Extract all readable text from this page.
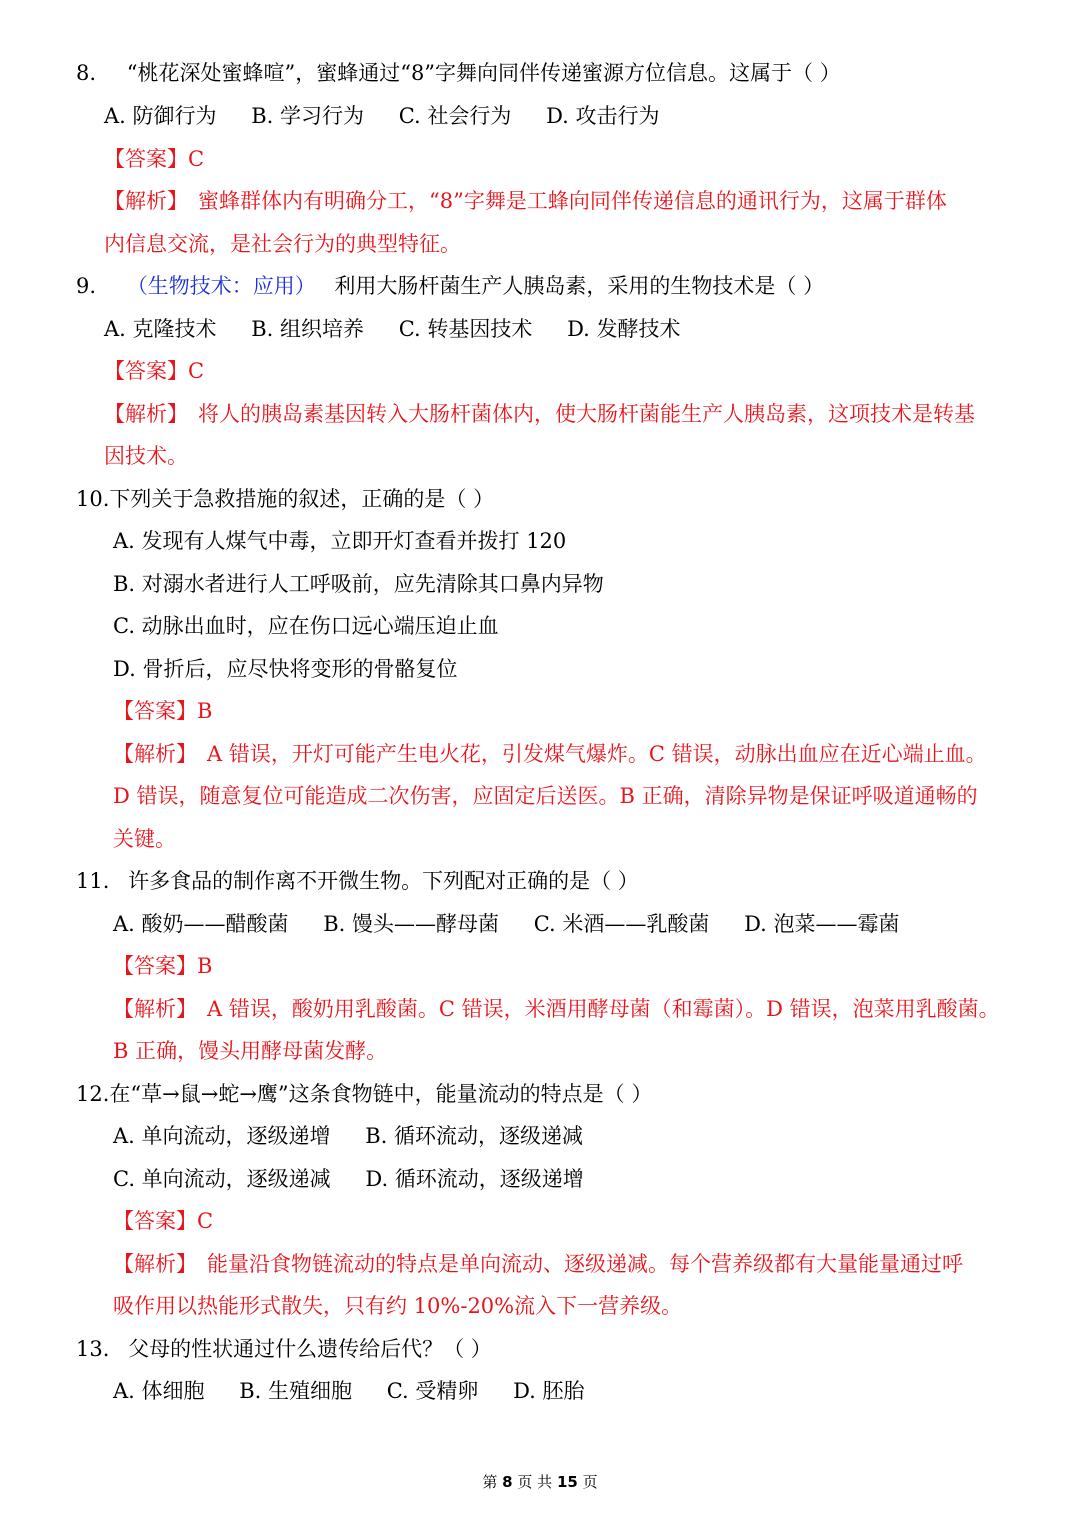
8. “桃花深处蜜蜂喧”，蜜蜂通过“8”字舞向同伴传递蜜源方位信息。这属于（ ）
A. 防御行为 B. 学习行为 C. 社会行为 D. 攻击行为
【答案】C
【解析】 蜜蜂群体内有明确分工，“8”字舞是工蜂向同伴传递信息的通讯行为，这属于群体
内信息交流，是社会行为的典型特征。
9. （生物技术：应用） 利用大肠杆菌生产人胰岛素，采用的生物技术是（ ）
A. 克隆技术 B. 组织培养 C. 转基因技术 D. 发酵技术
【答案】C
【解析】 将人的胰岛素基因转入大肠杆菌体内，使大肠杆菌能生产人胰岛素，这项技术是转基
因技术。
10.下列关于急救措施的叙述，正确的是（ ）
A. 发现有人煤气中毒，立即开灯查看并拨打 120
B. 对溺水者进行人工呼吸前，应先清除其口鼻内异物
C. 动脉出血时，应在伤口远心端压迫止血
D. 骨折后，应尽快将变形的骨骼复位
【答案】B
【解析】 A 错误，开灯可能产生电火花，引发煤气爆炸。C 错误，动脉出血应在近心端止血。
D 错误，随意复位可能造成二次伤害，应固定后送医。B 正确，清除异物是保证呼吸道通畅的
关键。
11. 许多食品的制作离不开微生物。下列配对正确的是（ ）
A. 酸奶——醋酸菌 B. 馒头——酵母菌 C. 米酒——乳酸菌 D. 泡菜——霉菌
【答案】B
【解析】 A 错误，酸奶用乳酸菌。C 错误，米酒用酵母菌（和霉菌）。D 错误，泡菜用乳酸菌。
B 正确，馒头用酵母菌发酵。
12.在“草→鼠→蛇→鹰”这条食物链中，能量流动的特点是（ ）
A. 单向流动，逐级递增 B. 循环流动，逐级递减
C. 单向流动，逐级递减 D. 循环流动，逐级递增
【答案】C
【解析】 能量沿食物链流动的特点是单向流动、逐级递减。每个营养级都有大量能量通过呼
吸作用以热能形式散失，只有约 10%-20%流入下一营养级。
13. 父母的性状通过什么遗传给后代？（ ）
A. 体细胞 B. 生殖细胞 C. 受精卵 D. 胚胎
第 8 页 共 15 页
